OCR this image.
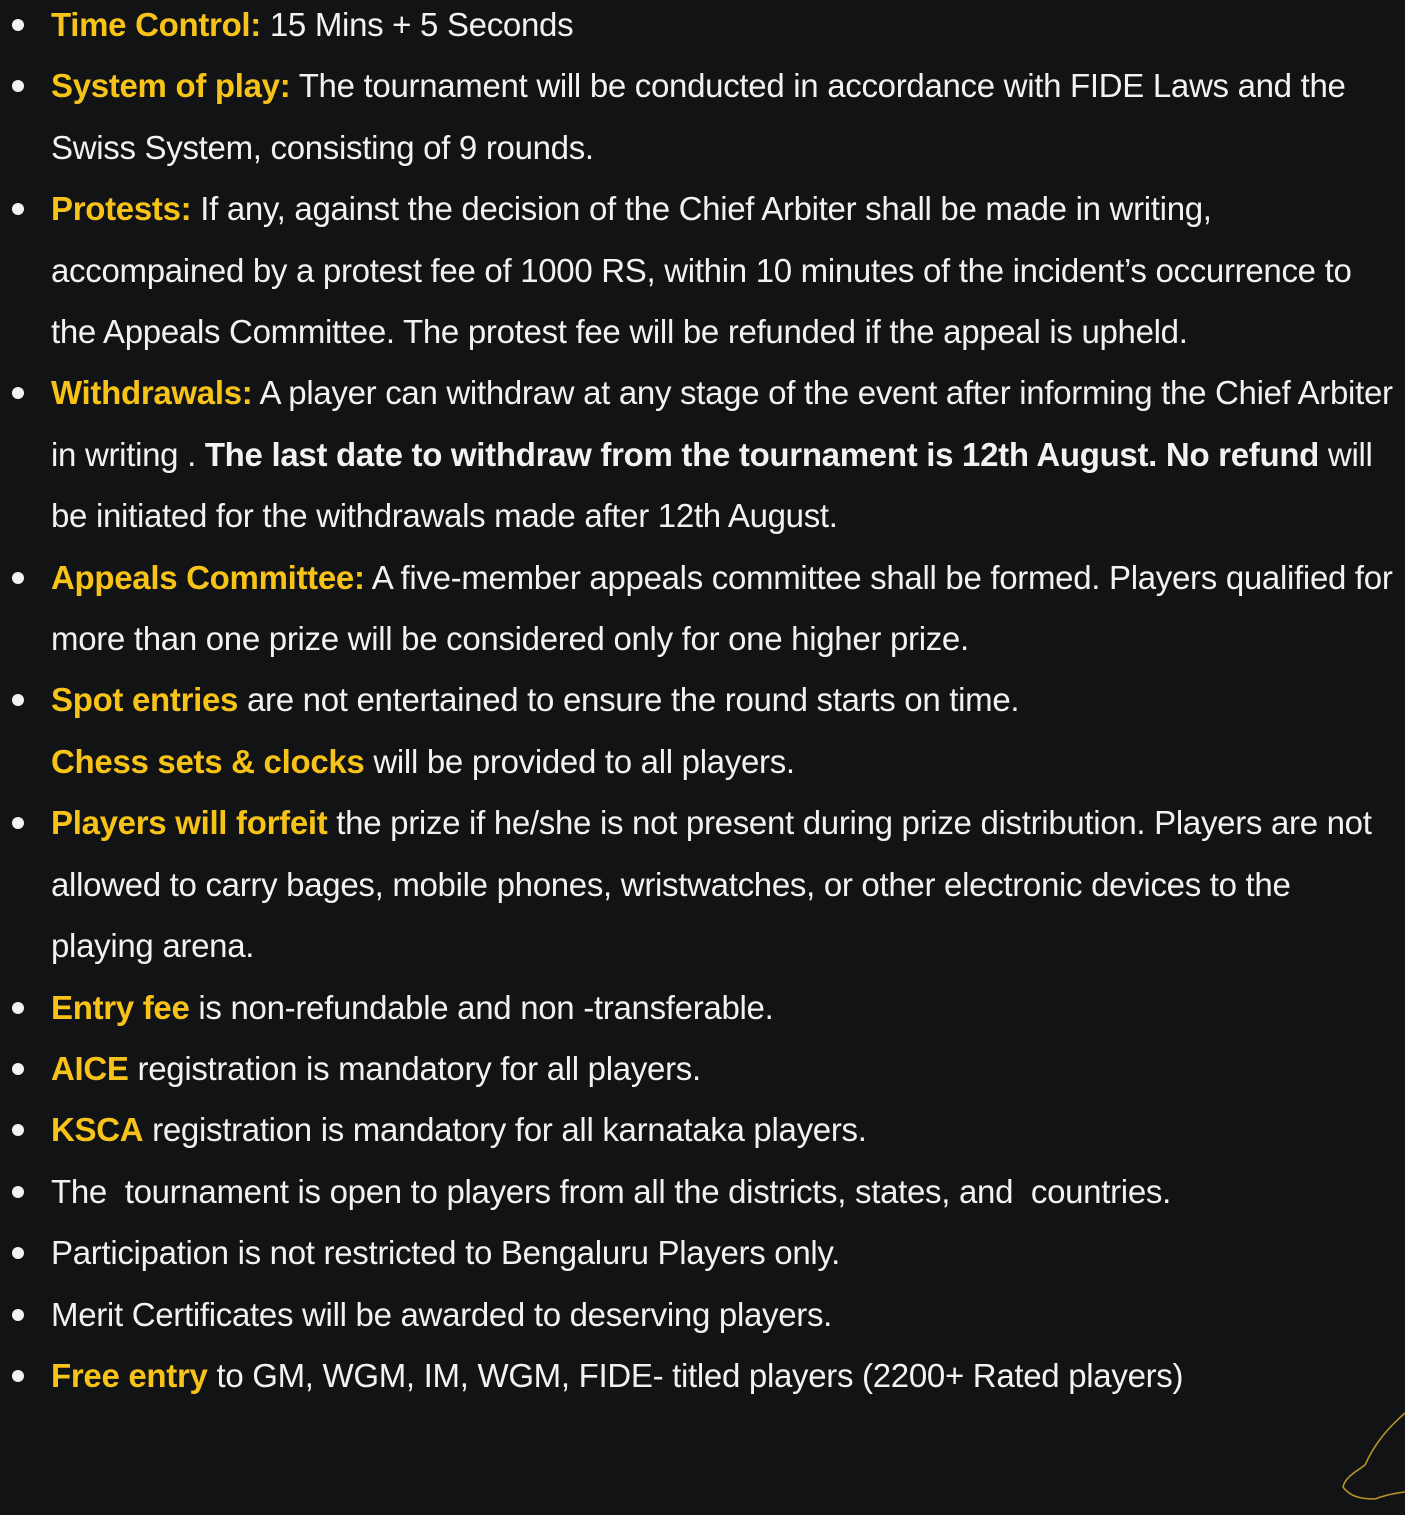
Time Control: 15 Mins + 5 Seconds
System of play: The tournament will be conducted in accordance with FIDE Laws and the Swiss System, consisting of 9 rounds.
Protests: If any, against the decision of the Chief Arbiter shall be made in writing, accompained by a protest fee of 1000 RS, within 10 minutes of the incident’s occurrence to the Appeals Committee. The protest fee will be refunded if the appeal is upheld.
Withdrawals: A player can withdraw at any stage of the event after informing the Chief Arbiter in writing . The last date to withdraw from the tournament is 12th August. No refund will be initiated for the withdrawals made after 12th August.
Appeals Committee: A five-member appeals committee shall be formed. Players qualified for more than one prize will be considered only for one higher prize.
Spot entries are not entertained to ensure the round starts on time.
Chess sets & clocks will be provided to all players.
Players will forfeit the prize if he/she is not present during prize distribution. Players are not allowed to carry bages, mobile phones, wristwatches, or other electronic devices to the playing arena.
Entry fee is non-refundable and non -transferable.
AICE registration is mandatory for all players.
KSCA registration is mandatory for all karnataka players.
The  tournament is open to players from all the districts, states, and  countries.
Participation is not restricted to Bengaluru Players only.
Merit Certificates will be awarded to deserving players.
Free entry to GM, WGM, IM, WGM, FIDE- titled players (2200+ Rated players)
